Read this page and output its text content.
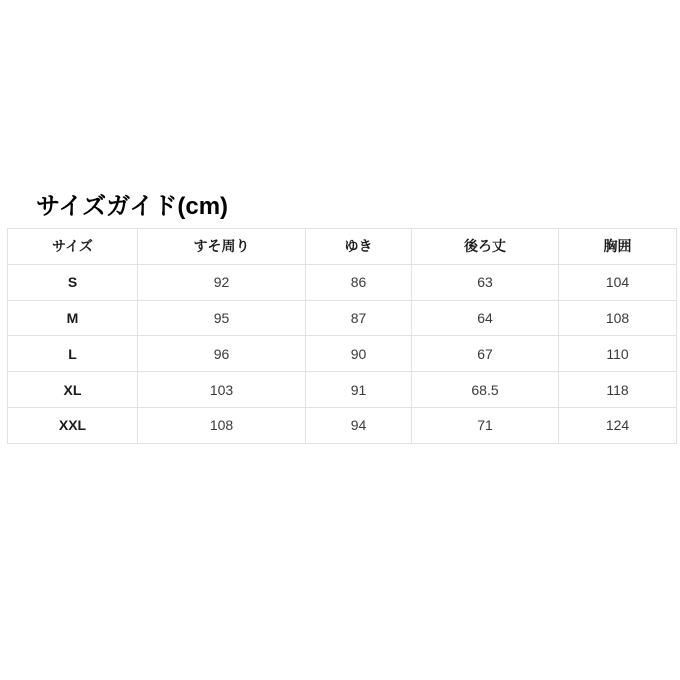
サイズガイド(cm)
サイズ	すそ周り	ゆき	後ろ丈	胸囲
S	92	86	63	104
M	95	87	64	108
L	96	90	67	110
XL	103	91	68.5	118
XXL	108	94	71	124
